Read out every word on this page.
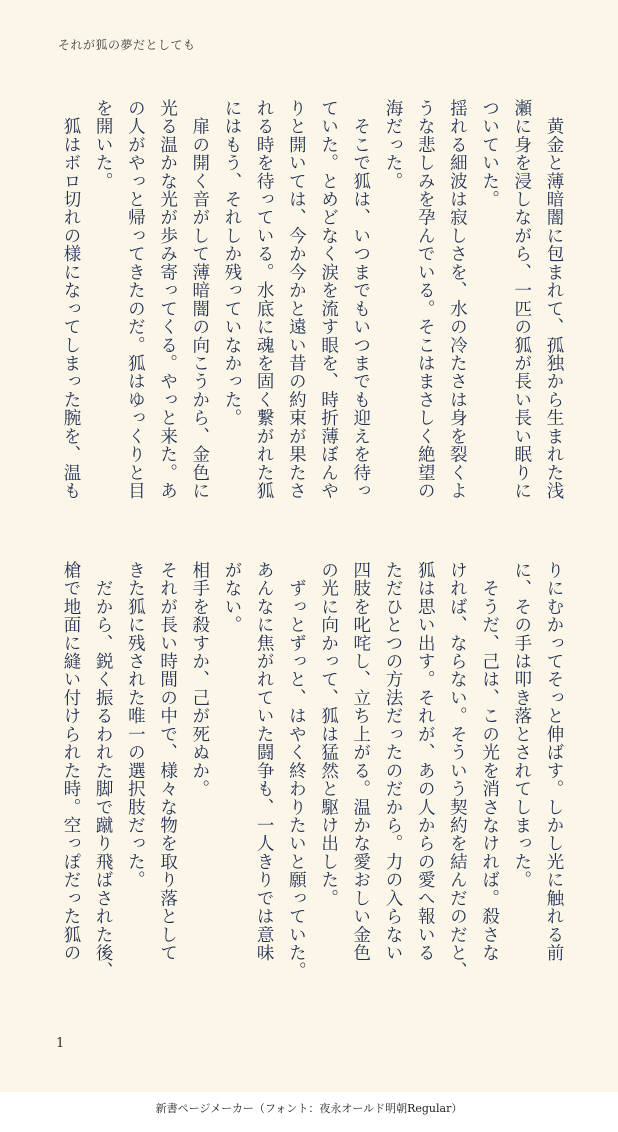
それが狐の夢だとしても
　黄金と薄暗闇に包まれて、孤独から生まれた浅
瀬に身を浸しながら、一匹の狐が長い長い眠りに
ついていた。
揺れる細波は寂しさを、水の冷たさは身を裂くよ
うな悲しみを孕んでいる。そこはまさしく絶望の
海だった。
　そこで狐は、いつまでもいつまでも迎えを待っ
ていた。とめどなく涙を流す眼を、時折薄ぼんや
りと開いては、今か今かと遠い昔の約束が果たさ
れる時を待っている。水底に魂を固く繋がれた狐
にはもう、それしか残っていなかった。
　扉の開く音がして薄暗闇の向こうから、金色に
光る温かな光が歩み寄ってくる。やっと来た。あ
の人がやっと帰ってきたのだ。狐はゆっくりと目
を開いた。
　狐はボロ切れの様になってしまった腕を、温も
りにむかってそっと伸ばす。しかし光に触れる前
に、その手は叩き落とされてしまった。
　そうだ、己は、この光を消さなければ。殺さな
ければ、ならない。そういう契約を結んだのだと、
狐は思い出す。それが、あの人からの愛へ報いる
ただひとつの方法だったのだから。力の入らない
四肢を叱咤し、立ち上がる。温かな愛おしい金色
の光に向かって、狐は猛然と駆け出した。
　ずっとずっと、はやく終わりたいと願っていた。
あんなに焦がれていた闘争も、一人きりでは意味
がない。
相手を殺すか、己が死ぬか。
それが長い時間の中で、様々な物を取り落として
きた狐に残された唯一の選択肢だった。
　だから、鋭く振るわれた脚で蹴り飛ばされた後、
槍で地面に縫い付けられた時。空っぽだった狐の
1
新書ページメーカー（フォント：夜永オールド明朝Regular）
